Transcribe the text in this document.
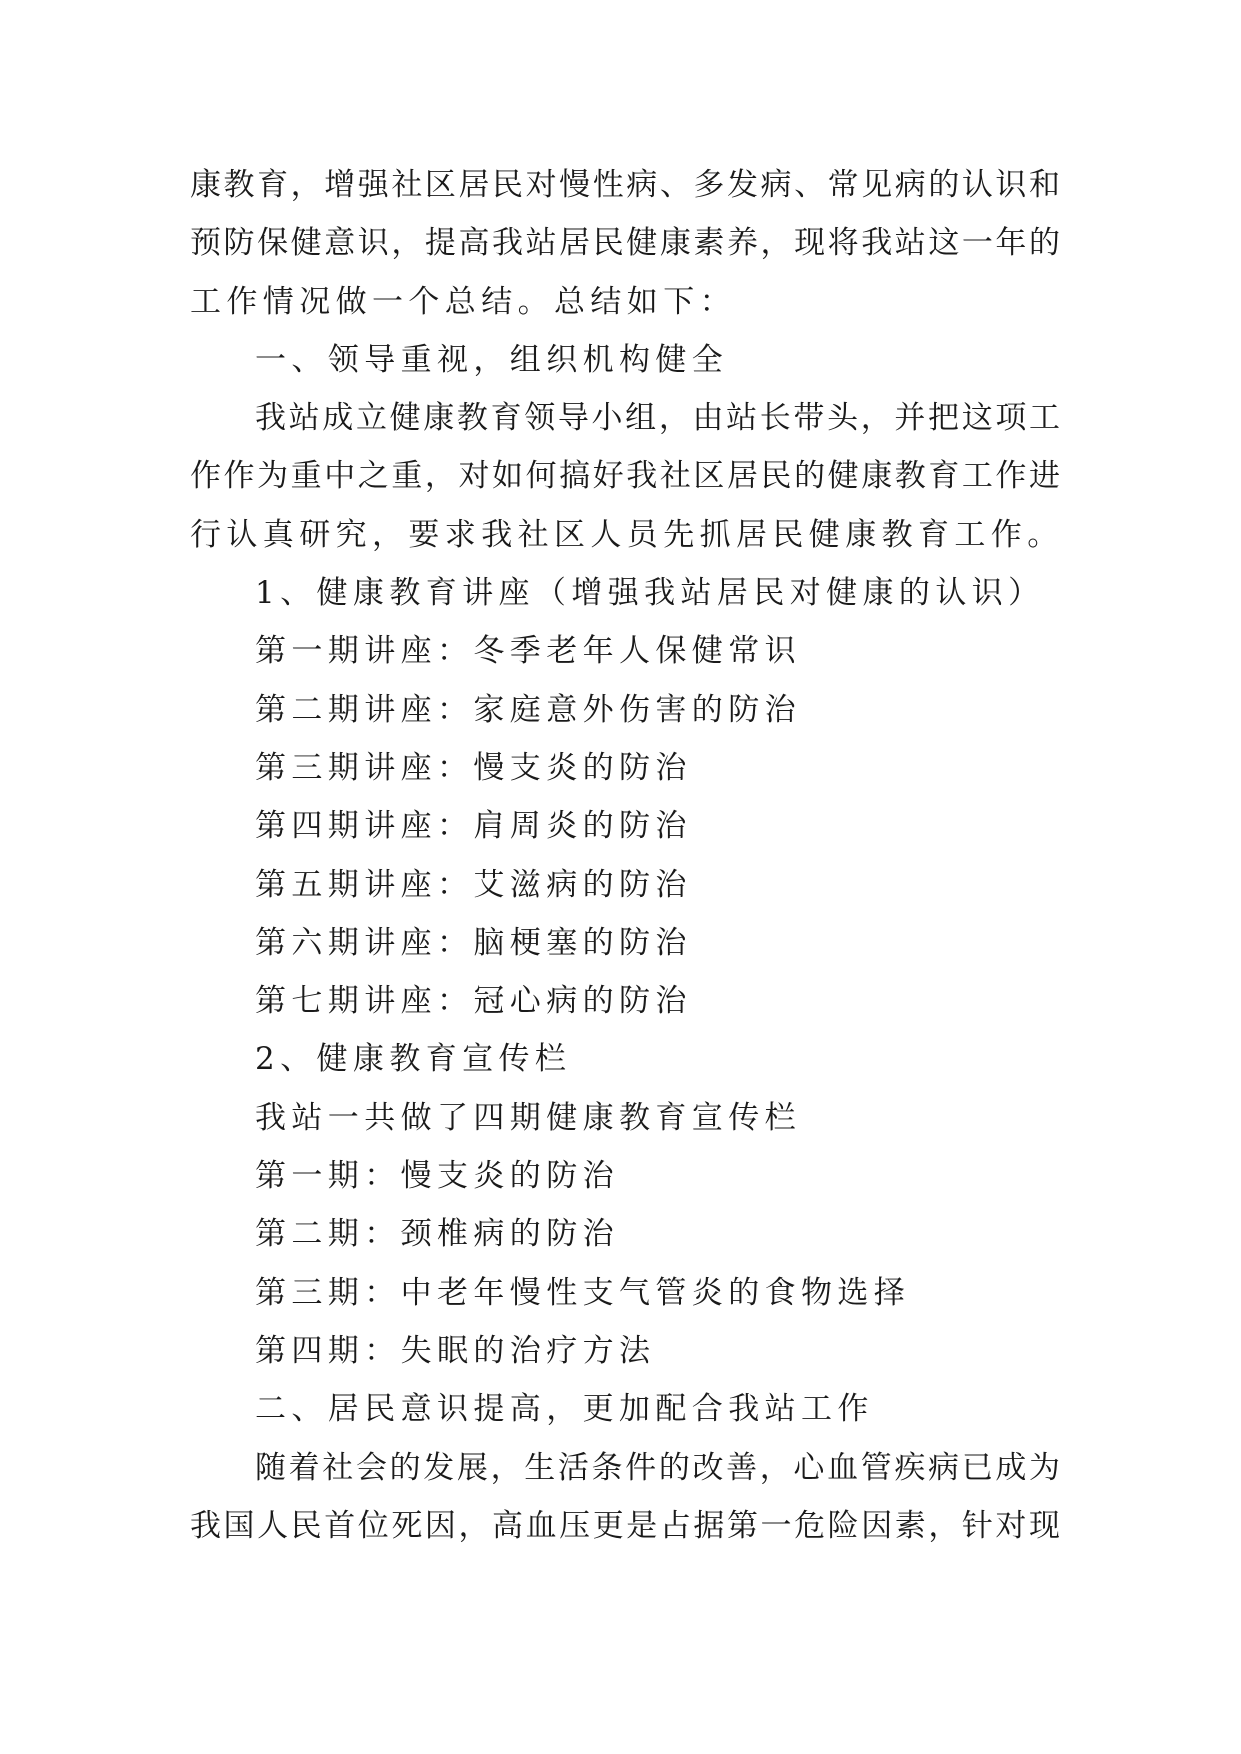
康教育，增强社区居民对慢性病、多发病、常见病的认识和
预防保健意识，提高我站居民健康素养，现将我站这一年的
工作情况做一个总结。总结如下：
一、领导重视，组织机构健全
我站成立健康教育领导小组，由站长带头，并把这项工
作作为重中之重，对如何搞好我社区居民的健康教育工作进
行认真研究，要求我社区人员先抓居民健康教育工作。
1、健康教育讲座（增强我站居民对健康的认识）
第一期讲座：冬季老年人保健常识
第二期讲座：家庭意外伤害的防治
第三期讲座：慢支炎的防治
第四期讲座：肩周炎的防治
第五期讲座：艾滋病的防治
第六期讲座：脑梗塞的防治
第七期讲座：冠心病的防治
2、健康教育宣传栏
我站一共做了四期健康教育宣传栏
第一期：慢支炎的防治
第二期：颈椎病的防治
第三期：中老年慢性支气管炎的食物选择
第四期：失眠的治疗方法
二、居民意识提高，更加配合我站工作
随着社会的发展，生活条件的改善，心血管疾病已成为
我国人民首位死因，高血压更是占据第一危险因素，针对现
